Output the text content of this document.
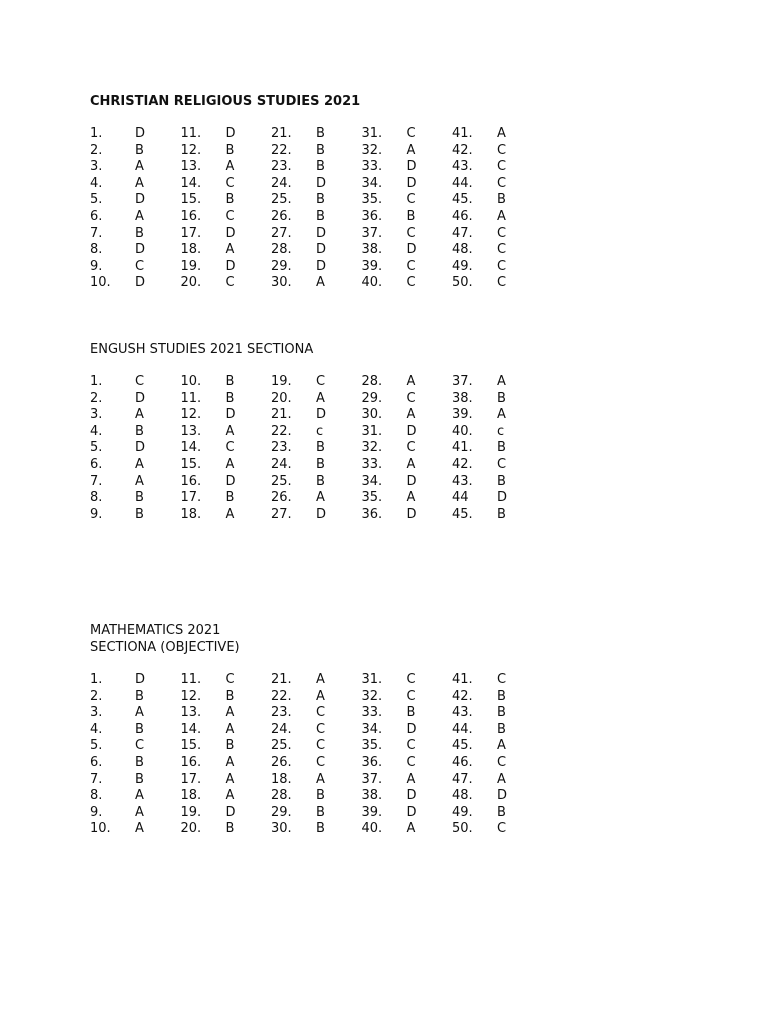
CHRISTIAN RELIGIOUS STUDIES 2021
1.	D	11.	D	21.	B	31.	C	41.	A
2.	B	12.	B	22.	B	32.	A	42.	C
3.	A	13.	A	23.	B	33.	D	43.	C
4.	A	14.	C	24.	D	34.	D	44.	C
5.	D	15.	B	25.	B	35.	C	45.	B
6.	A	16.	C	26.	B	36.	B	46.	A
7.	B	17.	D	27.	D	37.	C	47.	C
8.	D	18.	A	28.	D	38.	D	48.	C
9.	C	19.	D	29.	D	39.	C	49.	C
10.	D	20.	C	30.	A	40.	C	50.	C
ENGUSH STUDIES 2021 SECTIONA
1.	C	10.	B	19.	C	28.	A	37.	A
2.	D	11.	B	20.	A	29.	C	38.	B
3.	A	12.	D	21.	D	30.	A	39.	A
4.	B	13.	A	22.	c	31.	D	40.	c
5.	D	14.	C	23.	B	32.	C	41.	B
6.	A	15.	A	24.	B	33.	A	42.	C
7.	A	16.	D	25.	B	34.	D	43.	B
8.	B	17.	B	26.	A	35.	A	44	D
9.	B	18.	A	27.	D	36.	D	45.	B
MATHEMATICS 2021
SECTIONA (OBJECTIVE)
1.	D	11.	C	21.	A	31.	C	41.	C
2.	B	12.	B	22.	A	32.	C	42.	B
3.	A	13.	A	23.	C	33.	B	43.	B
4.	B	14.	A	24.	C	34.	D	44.	B
5.	C	15.	B	25.	C	35.	C	45.	A
6.	B	16.	A	26.	C	36.	C	46.	C
7.	B	17.	A	18.	A	37.	A	47.	A
8.	A	18.	A	28.	B	38.	D	48.	D
9.	A	19.	D	29.	B	39.	D	49.	B
10.	A	20.	B	30.	B	40.	A	50.	C
